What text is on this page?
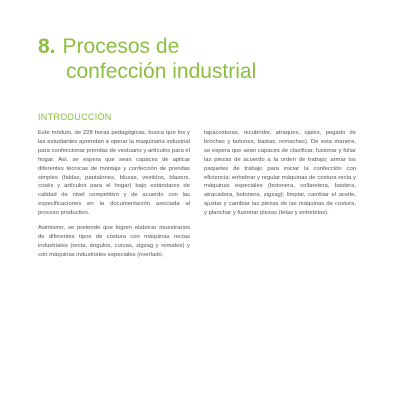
8. Procesos de
confección industrial
INTRODUCCIÓN

Este módulo, de 228 horas pedagógicas, busca que los y las estudiantes aprendan a operar la maquinaria industrial para confeccionar prendas de vestuario y artículos para el hogar. Así, se espera que sean capaces de aplicar diferentes técnicas de montaje y confección de prendas simples (faldas, pantalones, blusas, vestidos, blazers, cosés y artículos para el hogar) bajo estándares de calidad de nivel competitivo y de acuerdo con las especificaciones en la documentación asociada al proceso productivo.

Asimismo, se pretende que logren elaborar muestrarios de diferentes tipos de costura con máquinas rectas industriales (recta, ángulos, curvas, zigzag y remates) y con máquinas industriales especiales (overlado,

tapacosturas, recubridor, atraques, ojales, pegado de broches y botones, bastas, remaches). De esta manera, se espera que sean capaces de clasificar, fusionar y foliar las piezas de acuerdo a la orden de trabajo; armar los paquetes de trabajo para iniciar la confección con eficiencia; enhebrar y regular máquinas de costura recta y máquinas especiales (botonera, collaretera, bastera, atracadora, botonera, zigzag); limpiar, cambiar el aceite, ajustar y cambiar las piezas de las máquinas de costura, y planchar y fusionar piezas (telas y entretelas).
